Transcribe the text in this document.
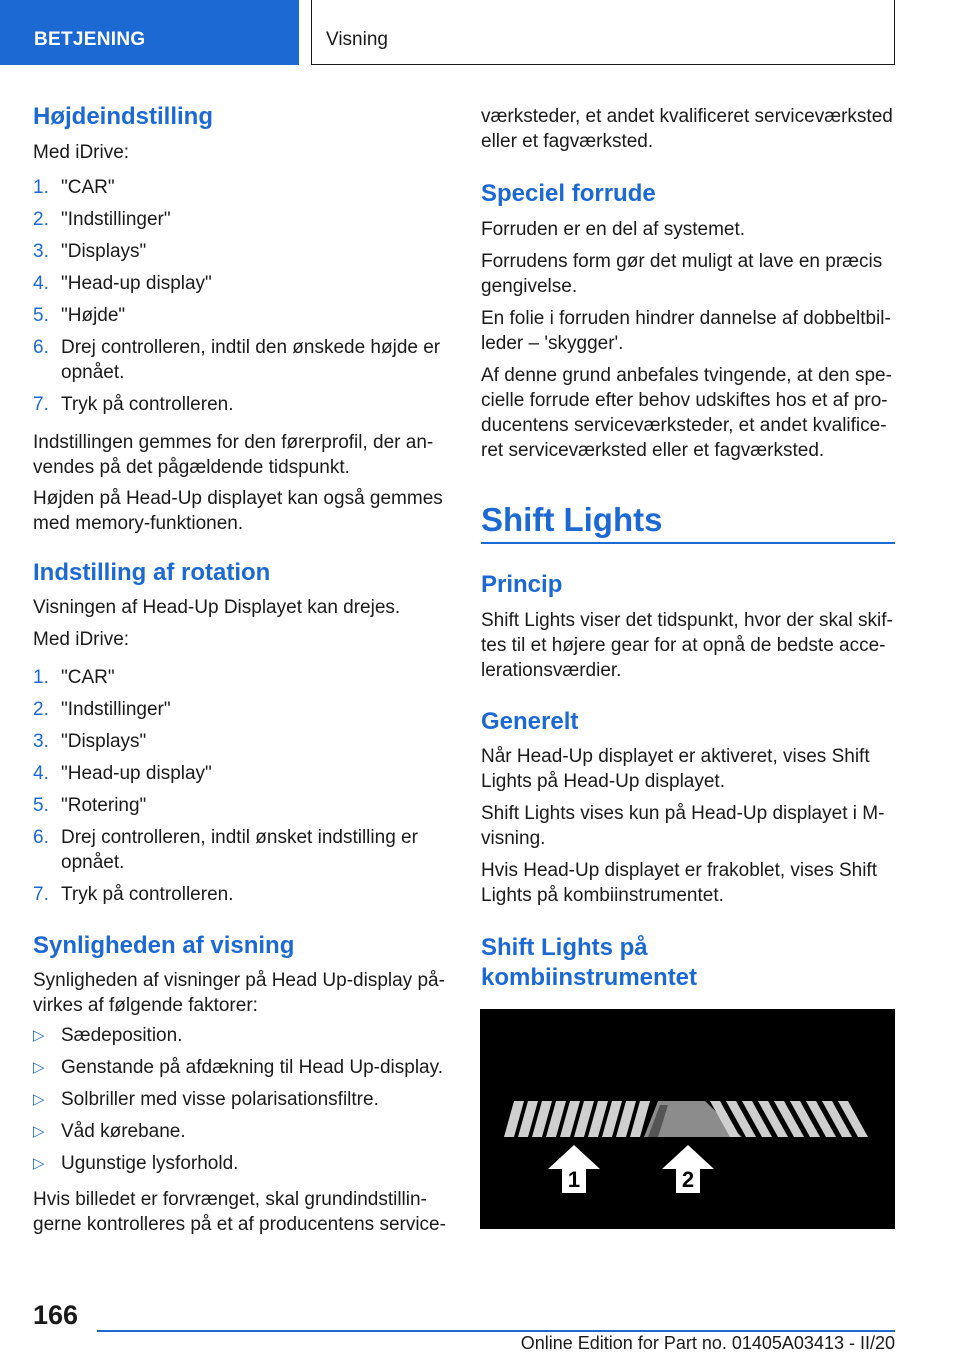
BETJENING	Visning
Højdeindstilling

Med iDrive:

1. "CAR"
2. "Indstillinger"
3. "Displays"
4. "Head-up display"
5. "Højde"
6. Drej controlleren, indtil den ønskede højde er
opnået.
7. Tryk på controlleren.

Indstillingen gemmes for den førerprofil, der an-
vendes på det pågældende tidspunkt.

Højden på Head-Up displayet kan også gemmes
med memory-funktionen.

Indstilling af rotation

Visningen af Head-Up Displayet kan drejes.

Med iDrive:

1. "CAR"
2. "Indstillinger"
3. "Displays"
4. "Head-up display"
5. "Rotering"
6. Drej controlleren, indtil ønsket indstilling er
opnået.
7. Tryk på controlleren.
Synligheden af visning

Synligheden af visninger på Head Up-display på-
virkes af følgende faktorer:

▷ Sædeposition.
▷ Genstande på afdækning til Head Up-display.
▷ Solbriller med visse polarisationsfiltre.
▷ Våd kørebane.
▷ Ugunstige lysforhold.

Hvis billedet er forvrænget, skal grundindstillin-
gerne kontrolleres på et af producentens service-

værksteder, et andet kvalificeret serviceværksted
eller et fagværksted.

Speciel forrude

Forruden er en del af systemet.

Forrudens form gør det muligt at lave en præcis
gengivelse.

En folie i forruden hindrer dannelse af dobbeltbil-
leder – 'skygger'.

Af denne grund anbefales tvingende, at den spe-
cielle forrude efter behov udskiftes hos et af pro-
ducentens serviceværksteder, et andet kvalifice-
ret serviceværksted eller et fagværksted.

Shift Lights
Princip

Shift Lights viser det tidspunkt, hvor der skal skif-
tes til et højere gear for at opnå de bedste acce-
lerationsværdier.

Generelt

Når Head-Up displayet er aktiveret, vises Shift
Lights på Head-Up displayet.

Shift Lights vises kun på Head-Up displayet i M-
visning.

Hvis Head-Up displayet er frakoblet, vises Shift
Lights på kombiinstrumentet.

Shift Lights på
kombiinstrumentet
1	2
166
Online Edition for Part no. 01405A03413 - II/20
